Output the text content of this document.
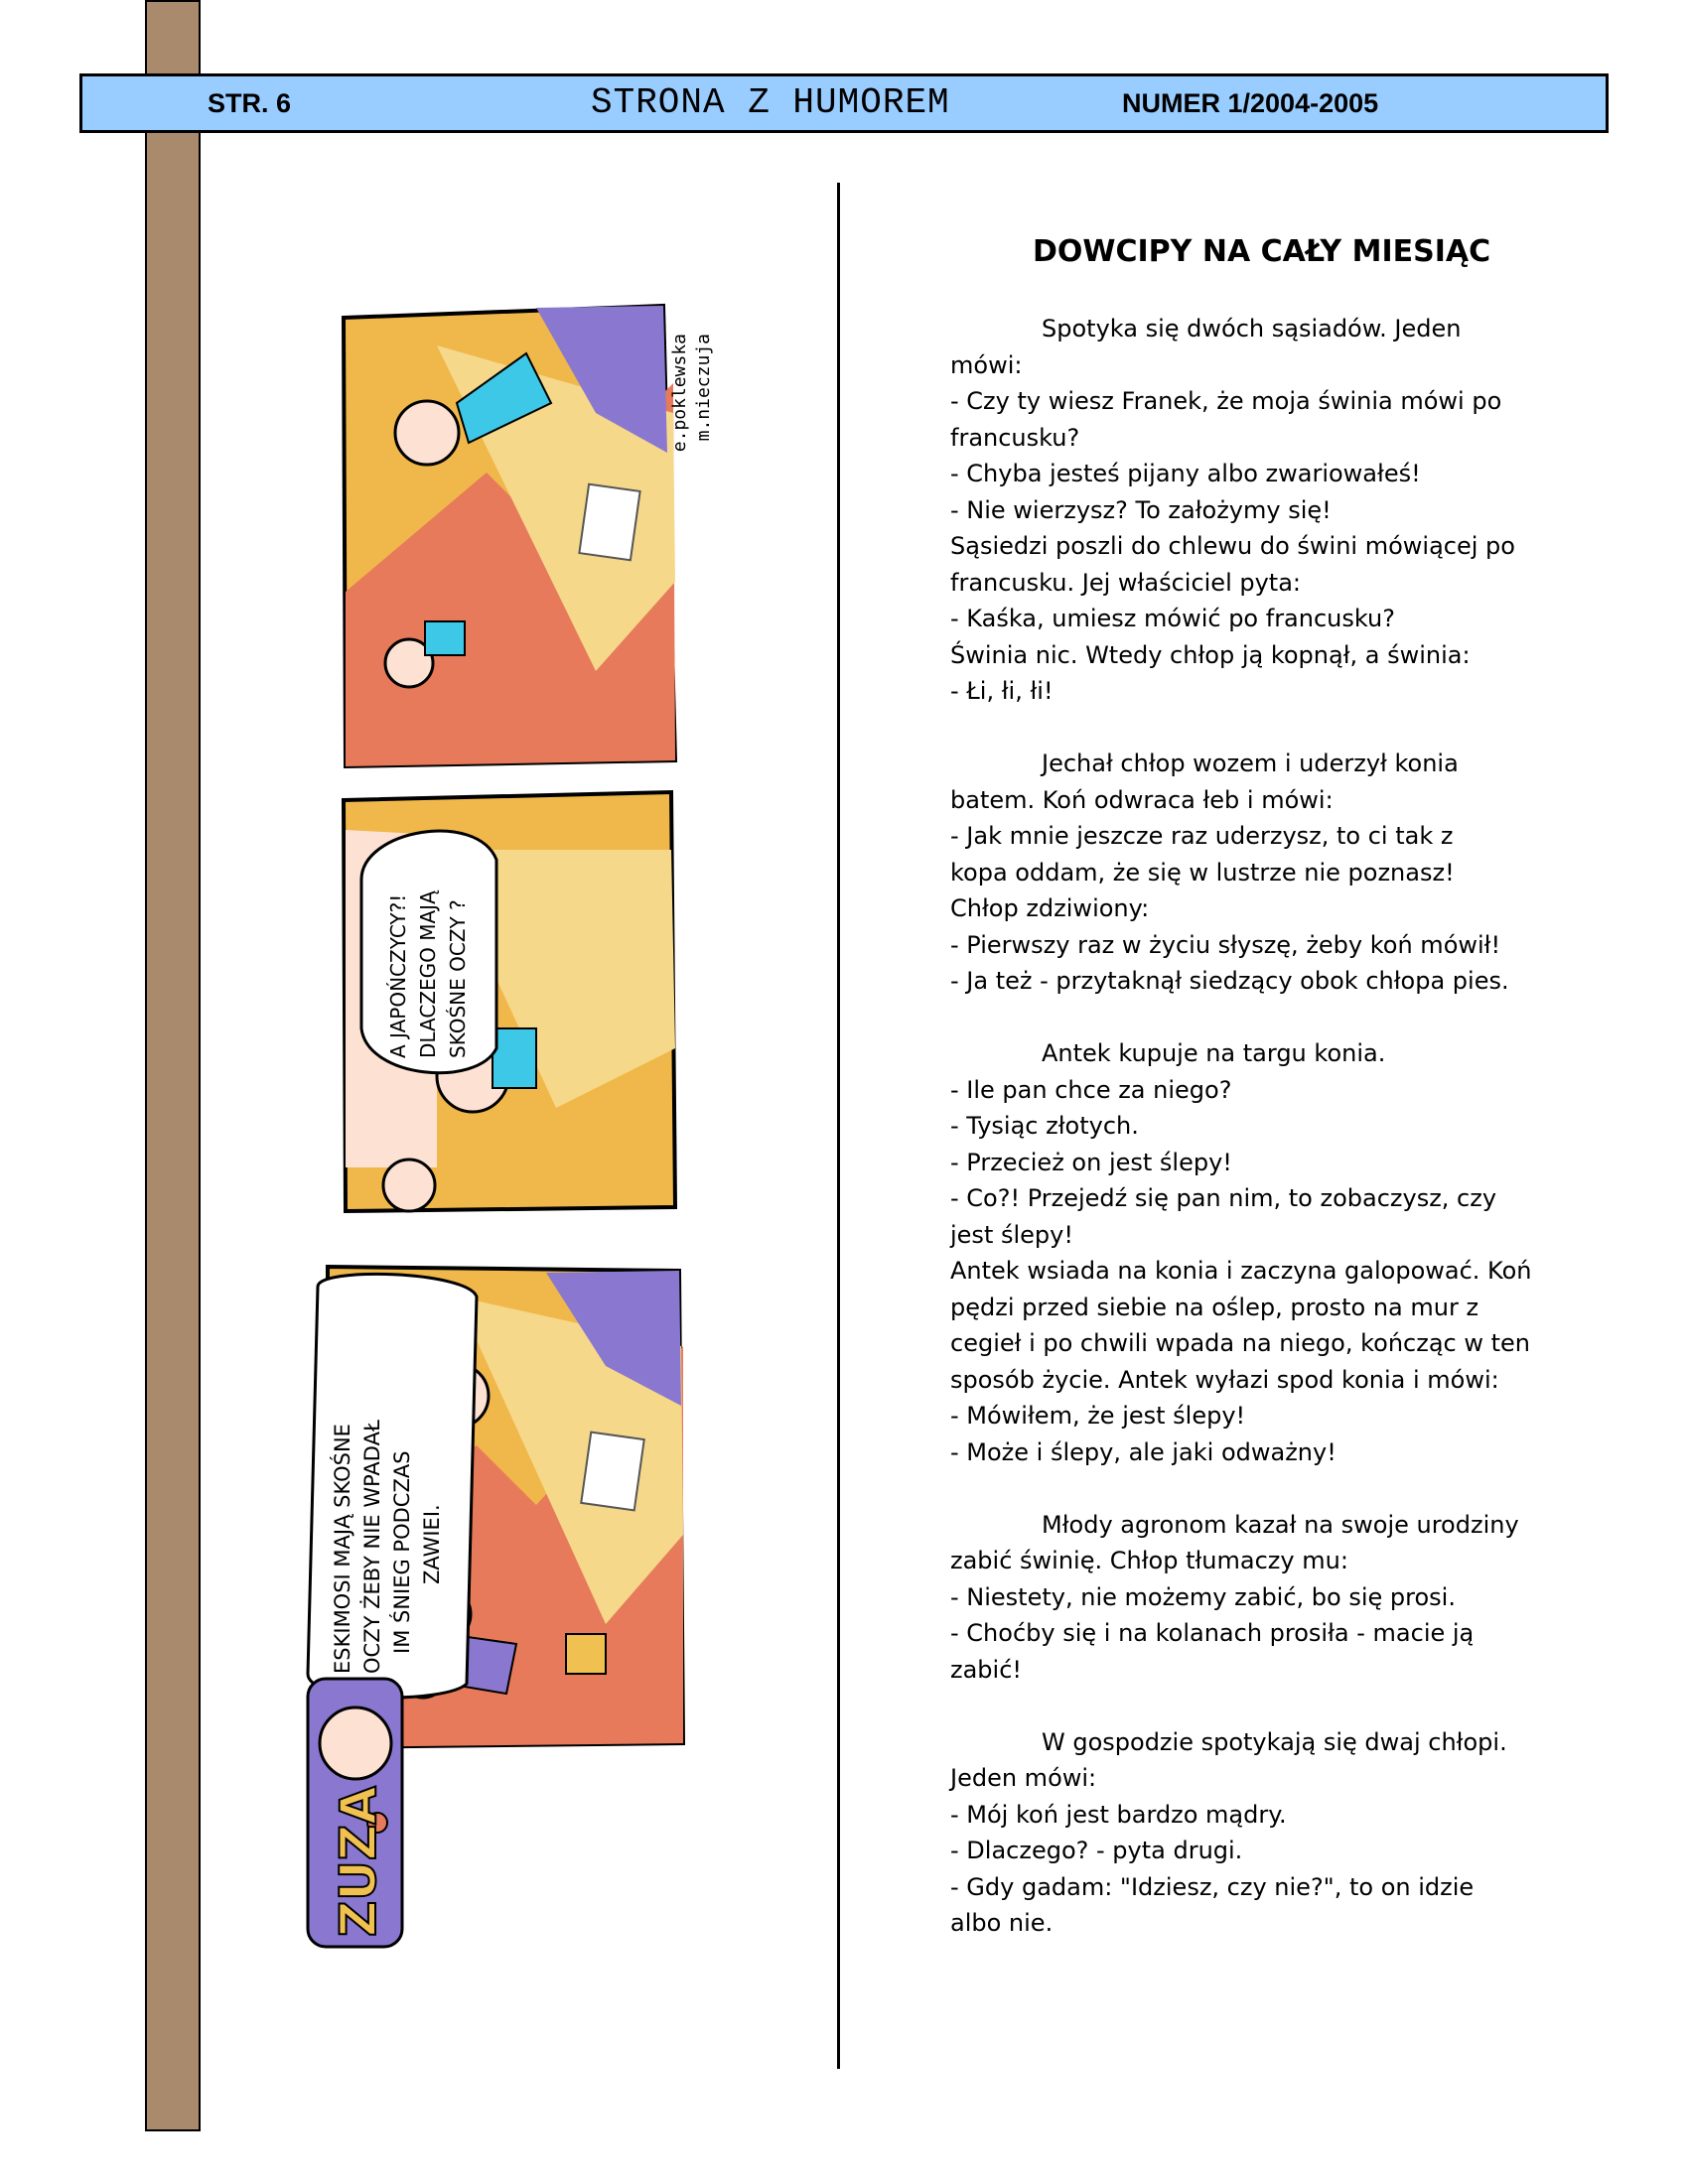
STR. 6	STRONA Z HUMOREM	NUMER 1/2004-2005
e.poklewska m.nieczuja
A JAPOŃCZYCY?! DLACZEGO MAJĄ SKOŚNE OCZY ?
ESKIMOSI MAJĄ SKOŚNE OCZY ŻEBY NIE WPADAŁ IM ŚNIEG PODCZAS ZAWIEI.
ZUZA
DOWCIPY NA CAŁY MIESIĄC
Spotyka się dwóch sąsiadów. Jeden
mówi:
- Czy ty wiesz Franek, że moja świnia mówi po
francusku?
- Chyba jesteś pijany albo zwariowałeś!
- Nie wierzysz? To założymy się!
Sąsiedzi poszli do chlewu do świni mówiącej po
francusku. Jej właściciel pyta:
- Kaśka, umiesz mówić po francusku?
Świnia nic. Wtedy chłop ją kopnął, a świnia:
- Łi, łi, łi!
Jechał chłop wozem i uderzył konia
batem. Koń odwraca łeb i mówi:
- Jak mnie jeszcze raz uderzysz, to ci tak z
kopa oddam, że się w lustrze nie poznasz!
Chłop zdziwiony:
- Pierwszy raz w życiu słyszę, żeby koń mówił!
- Ja też - przytaknął siedzący obok chłopa pies.
Antek kupuje na targu konia.
- Ile pan chce za niego?
- Tysiąc złotych.
- Przecież on jest ślepy!
- Co?! Przejedź się pan nim, to zobaczysz, czy
jest ślepy!
Antek wsiada na konia i zaczyna galopować. Koń
pędzi przed siebie na oślep, prosto na mur z
cegieł i po chwili wpada na niego, kończąc w ten
sposób życie. Antek wyłazi spod konia i mówi:
- Mówiłem, że jest ślepy!
- Może i ślepy, ale jaki odważny!
Młody agronom kazał na swoje urodziny
zabić świnię. Chłop tłumaczy mu:
- Niestety, nie możemy zabić, bo się prosi.
- Choćby się i na kolanach prosiła - macie ją
zabić!
W gospodzie spotykają się dwaj chłopi.
Jeden mówi:
- Mój koń jest bardzo mądry.
- Dlaczego? - pyta drugi.
- Gdy gadam: "Idziesz, czy nie?", to on idzie
albo nie.
